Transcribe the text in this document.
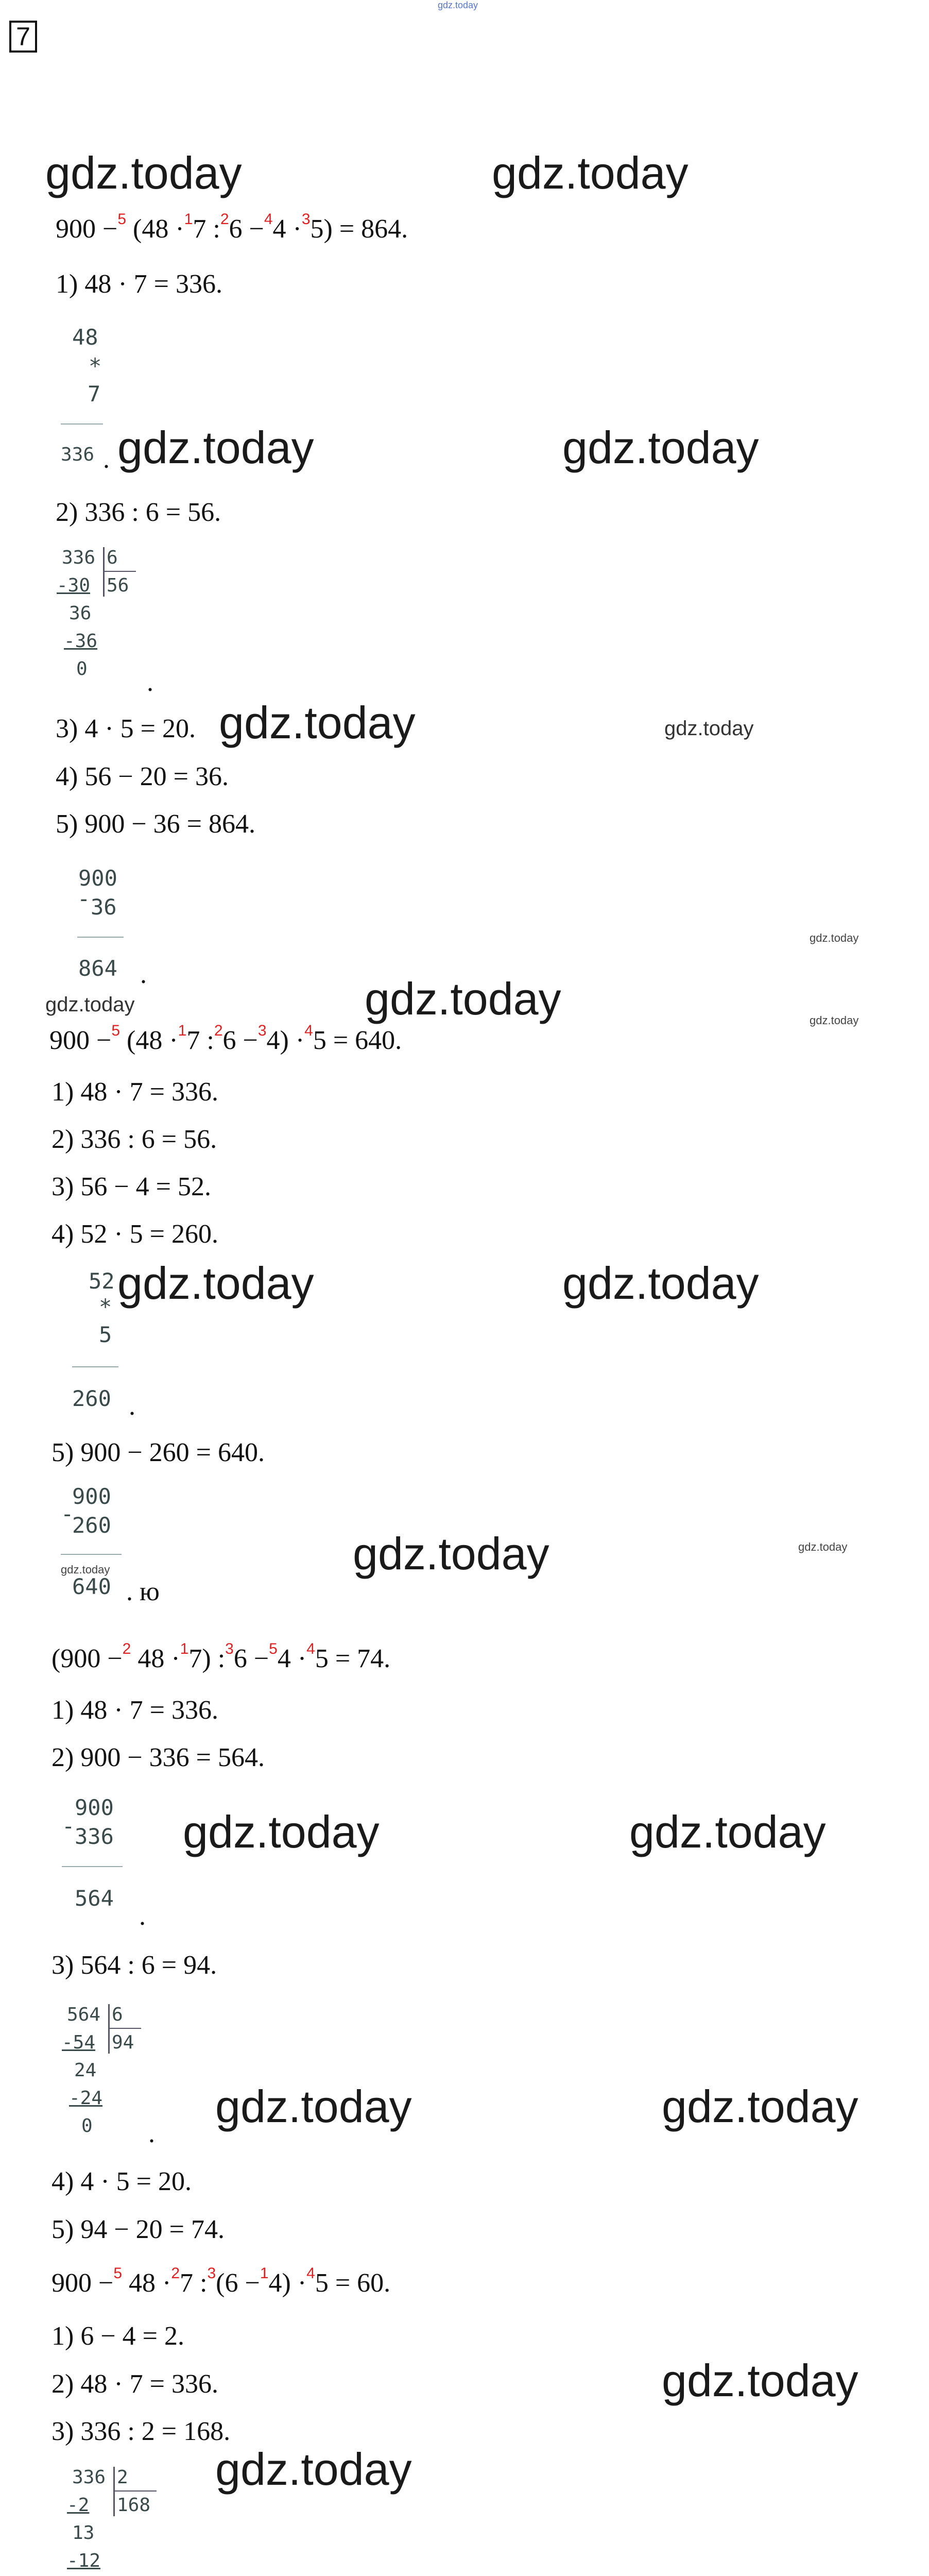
gdz.today
7
gdz.today	gdz.today
900 −$^5$ (48 ·$^1$7 :$^2$6 −$^4$4 ·$^3$5) = 864.
1) 48 · 7 = 336.
48
*
7
336 . gdz.today	gdz.today
2) 336 : 6 = 56.
336 6
56
-30
36
-36
0 .
3) 4 · 5 = 20. gdz.today	gdz.today
4) 56 − 20 = 36.
5) 900 − 36 = 864.
900
- 36
864 .
gdz.today
gdz.today	gdz.today	gdz.today
900 −$^5$ (48 ·$^1$7 :$^2$6 −$^3$4) ·$^4$5 = 640.
1) 48 · 7 = 336.
2) 336 : 6 = 56.
3) 56 − 4 = 52.
4) 52 · 5 = 260.
52 gdz.today	gdz.today
*
5
260 .
5) 900 − 260 = 640.
900
-
260
gdz.today
640 . ю
gdz.today	gdz.today
(900 −$^2$ 48 ·$^1$7) :$^3$6 −$^5$4 ·$^4$5 = 74.
1) 48 · 7 = 336.
2) 900 − 336 = 564.
900
- 336
564
.
gdz.today	gdz.today
3) 564 : 6 = 94.
564 6
94
-54
24
-24
0 .
gdz.today	gdz.today
4) 4 · 5 = 20.
5) 94 − 20 = 74.
900 −$^5$ 48 ·$^2$7 :$^3$(6 −$^1$4) ·$^4$5 = 60.
1) 6 − 4 = 2.
2) 48 · 7 = 336.	gdz.today
3) 336 : 2 = 168.
gdz.today
336 2
168
-2
13
-12
